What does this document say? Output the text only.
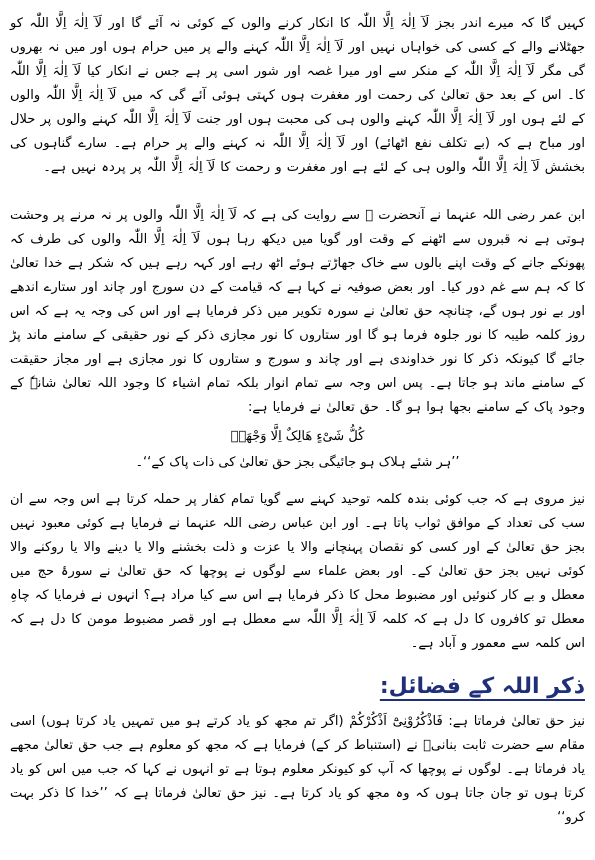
کہیں گا کہ میرے اندر بجز لَآ اِلٰہَ اِلَّا اللّٰہ کا انکار کرنے والوں کے کوئی نہ آئے گا اور لَآ اِلٰہَ اِلَّا اللّٰہ کو جھٹلانے والے کے کسی کی خواہاں نہیں اور لَآ اِلٰہَ اِلَّا اللّٰہ کہنے والے پر میں حرام ہوں اور میں نہ بھروں گی مگر لَآ اِلٰہَ اِلَّا اللّٰہ کے منکر سے اور میرا غصہ اور شور اسی پر ہے جس نے انکار کیا لَآ اِلٰہَ اِلَّا اللّٰہ کا۔ اس کے بعد حق تعالیٰ کی رحمت اور مغفرت ہوں کہتی ہوئی آئے گی کہ میں لَآ اِلٰہَ اِلَّا اللّٰہ والوں کے لئے ہوں اور لَآ اِلٰہَ اِلَّا اللّٰہ کہنے والوں ہی کی محبت ہوں اور جنت لَآ اِلٰہَ اِلَّا اللّٰہ کہنے والوں پر حلال اور مباح ہے کہ (بے تکلف نفع اٹھائے) اور لَآ اِلٰہَ اِلَّا اللّٰہ نہ کہنے والے پر حرام ہے۔ سارے گناہوں کی بخشش لَآ اِلٰہَ اِلَّا اللّٰہ والوں ہی کے لئے ہے اور مغفرت و رحمت کا لَآ اِلٰہَ اِلَّا اللّٰہ پر پردہ نہیں ہے۔

ابن عمر رضی اللہ عنہما نے آنحضرت ﷺ سے روایت کی ہے کہ لَآ اِلٰہَ اِلَّا اللّٰہ والوں پر نہ مرنے پر وحشت ہوتی ہے نہ قبروں سے اٹھنے کے وقت اور گویا میں دیکھ رہا ہوں لَآ اِلٰہَ اِلَّا اللّٰہ والوں کی طرف کہ پھونکے جانے کے وقت اپنے بالوں سے خاک جھاڑتے ہوئے اٹھ رہے اور کہہ رہے ہیں کہ شکر ہے خدا تعالیٰ کا کہ ہم سے غم دور کیا۔ اور بعض صوفیہ نے کہا ہے کہ قیامت کے دن سورج اور چاند اور ستارے اندھے اور بے نور ہوں گے، چنانچہ حق تعالیٰ نے سورہ تکویر میں ذکر فرمایا ہے اور اس کی وجہ یہ ہے کہ اس روز کلمہ طیبہ کا نور جلوہ فرما ہو گا اور ستاروں کا نور مجازی ذکر کے نور حقیقی کے سامنے ماند پڑ جائے گا کیونکہ ذکر کا نور خداوندی ہے اور چاند و سورج و ستاروں کا نور مجازی ہے اور مجاز حقیقت کے سامنے ماند ہو جاتا ہے۔ پس اس وجہ سے تمام انوار بلکہ تمام اشیاء کا وجود اللہ تعالیٰ شانہٗ کے وجود پاک کے سامنے بجھا ہوا ہو گا۔ حق تعالیٰ نے فرمایا ہے:

کُلُّ شَیْءٍ ھَالِکٌ اِلَّا وَجْھَہٗ

’’ہر شئے ہلاک ہو جائیگی بجز حق تعالیٰ کی ذات پاک کے‘‘۔

نیز مروی ہے کہ جب کوئی بندہ کلمہ توحید کہنے سے گویا تمام کفار پر حملہ کرتا ہے اس وجہ سے ان سب کی تعداد کے موافق ثواب پاتا ہے۔ اور ابن عباس رضی اللہ عنہما نے فرمایا ہے کوئی معبود نہیں بجز حق تعالیٰ کے اور کسی کو نقصان پہنچانے والا یا عزت و ذلت بخشنے والا یا دینے والا یا روکنے والا کوئی نہیں بجز حق تعالیٰ کے۔ اور بعض علماء سے لوگوں نے پوچھا کہ حق تعالیٰ نے سورۂ حج میں معطل و بے کار کنوئیں اور مضبوط محل کا ذکر فرمایا ہے اس سے کیا مراد ہے؟ انہوں نے فرمایا کہ چاہِ معطل تو کافروں کا دل ہے کہ کلمہ لَآ اِلٰہَ اِلَّا اللّٰہ سے معطل ہے اور قصر مضبوط مومن کا دل ہے کہ اس کلمہ سے معمور و آباد ہے۔

ذکر اللہ کے فضائل:

نیز حق تعالیٰ فرماتا ہے: فَاذْکُرُوْنِیْٓ اَذْکُرْکُمْ (اگر تم مجھ کو یاد کرتے ہو میں تمہیں یاد کرتا ہوں) اسی مقام سے حضرت ثابت بنانیؒ نے (استنباط کر کے) فرمایا ہے کہ مجھ کو معلوم ہے جب حق تعالیٰ مجھے یاد فرماتا ہے۔ لوگوں نے پوچھا کہ آپ کو کیونکر معلوم ہوتا ہے تو انہوں نے کہا کہ جب میں اس کو یاد کرتا ہوں تو جان جاتا ہوں کہ وہ مجھ کو یاد کرتا ہے۔ نیز حق تعالیٰ فرماتا ہے کہ ’’خدا کا ذکر بہت کرو‘‘
